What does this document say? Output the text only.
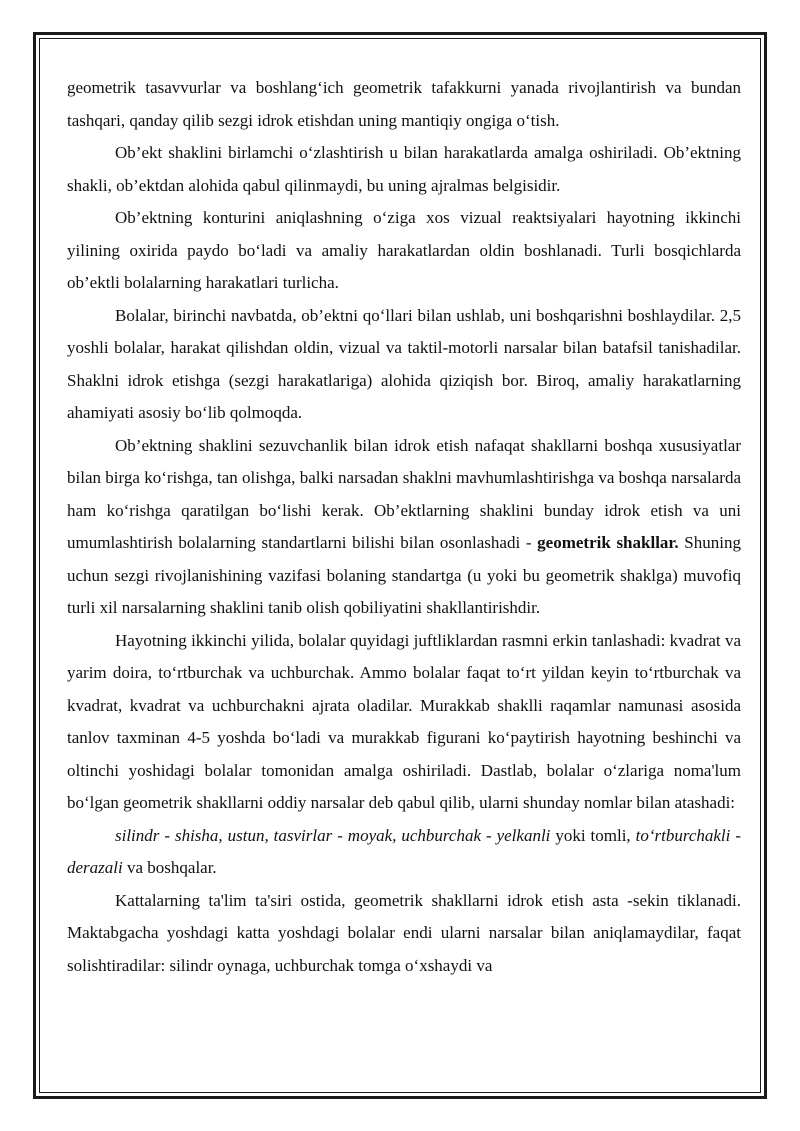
geometrik tasavvurlar va boshlang‘ich geometrik tafakkurni yanada rivojlantirish va bundan tashqari, qanday qilib sezgi idrok etishdan uning mantiqiy ongiga o‘tish.

Ob’ekt shaklini birlamchi o‘zlashtirish u bilan harakatlarda amalga oshiriladi. Ob’ektning shakli, ob’ektdan alohida qabul qilinmaydi, bu uning ajralmas belgisidir.

Ob’ektning konturini aniqlashning o‘ziga xos vizual reaktsiyalari hayotning ikkinchi yilining oxirida paydo bo‘ladi va amaliy harakatlardan oldin boshlanadi. Turli bosqichlarda ob’ektli bolalarning harakatlari turlicha.

Bolalar, birinchi navbatda, ob’ektni qo‘llari bilan ushlab, uni boshqarishni boshlaydilar. 2,5 yoshli bolalar, harakat qilishdan oldin, vizual va taktil-motorli narsalar bilan batafsil tanishadilar. Shaklni idrok etishga (sezgi harakatlariga) alohida qiziqish bor. Biroq, amaliy harakatlarning ahamiyati asosiy bo‘lib qolmoqda.

Ob’ektning shaklini sezuvchanlik bilan idrok etish nafaqat shakllarni boshqa xususiyatlar bilan birga ko‘rishga, tan olishga, balki narsadan shaklni mavhumlashtirishga va boshqa narsalarda ham ko‘rishga qaratilgan bo‘lishi kerak. Ob’ektlarning shaklini bunday idrok etish va uni umumlashtirish bolalarning standartlarni bilishi bilan osonlashadi - geometrik shakllar. Shuning uchun sezgi rivojlanishining vazifasi bolaning standartga (u yoki bu geometrik shaklga) muvofiq turli xil narsalarning shaklini tanib olish qobiliyatini shakllantirishdir.

Hayotning ikkinchi yilida, bolalar quyidagi juftliklardan rasmni erkin tanlashadi: kvadrat va yarim doira, to‘rtburchak va uchburchak. Ammo bolalar faqat to‘rt yildan keyin to‘rtburchak va kvadrat, kvadrat va uchburchakni ajrata oladilar. Murakkab shaklli raqamlar namunasi asosida tanlov taxminan 4-5 yoshda bo‘ladi va murakkab figurani ko‘paytirish hayotning beshinchi va oltinchi yoshidagi bolalar tomonidan amalga oshiriladi. Dastlab, bolalar o‘zlariga noma'lum bo‘lgan geometrik shakllarni oddiy narsalar deb qabul qilib, ularni shunday nomlar bilan atashadi:

silindr - shisha, ustun, tasvirlar - moyak, uchburchak - yelkanli yoki tomli, to‘rtburchakli - derazali va boshqalar.

Kattalarning ta'lim ta'siri ostida, geometrik shakllarni idrok etish asta -sekin tiklanadi. Maktabgacha yoshdagi katta yoshdagi bolalar endi ularni narsalar bilan aniqlamaydilar, faqat solishtiradilar: silindr oynaga, uchburchak tomga o‘xshaydi va
